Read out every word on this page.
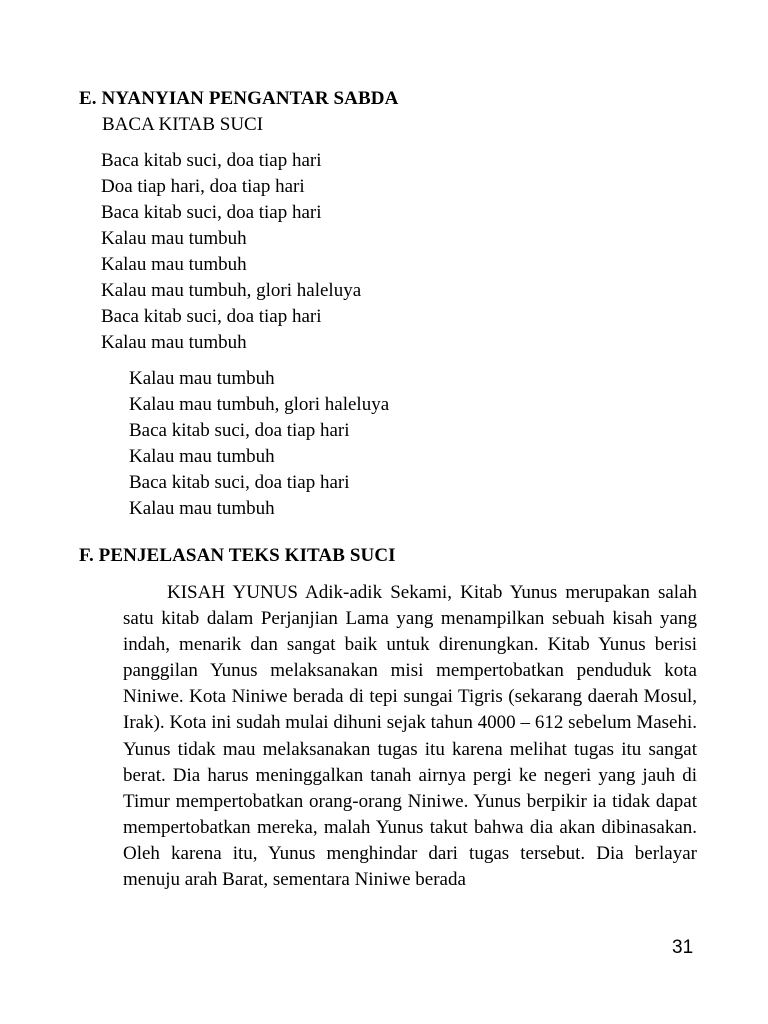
E. NYANYIAN PENGANTAR SABDA
BACA KITAB SUCI
Baca kitab suci, doa tiap hari
Doa tiap hari, doa tiap hari
Baca kitab suci, doa tiap hari
Kalau mau tumbuh
Kalau mau tumbuh
Kalau mau tumbuh, glori haleluya
Baca kitab suci, doa tiap hari
Kalau mau tumbuh
Kalau mau tumbuh
Kalau mau tumbuh, glori haleluya
Baca kitab suci, doa tiap hari
Kalau mau tumbuh
Baca kitab suci, doa tiap hari
Kalau mau tumbuh
F. PENJELASAN TEKS KITAB SUCI

KISAH YUNUS Adik-adik Sekami, Kitab Yunus merupakan salah satu kitab dalam Perjanjian Lama yang menampilkan sebuah kisah yang indah, menarik dan sangat baik untuk direnungkan. Kitab Yunus berisi panggilan Yunus melaksanakan misi mempertobatkan penduduk kota Niniwe. Kota Niniwe berada di tepi sungai Tigris (sekarang daerah Mosul, Irak). Kota ini sudah mulai dihuni sejak tahun 4000 – 612 sebelum Masehi. Yunus tidak mau melaksanakan tugas itu karena melihat tugas itu sangat berat. Dia harus meninggalkan tanah airnya pergi ke negeri yang jauh di Timur mempertobatkan orang-orang Niniwe. Yunus berpikir ia tidak dapat mempertobatkan mereka, malah Yunus takut bahwa dia akan dibinasakan. Oleh karena itu, Yunus menghindar dari tugas tersebut. Dia berlayar menuju arah Barat, sementara Niniwe berada

31
